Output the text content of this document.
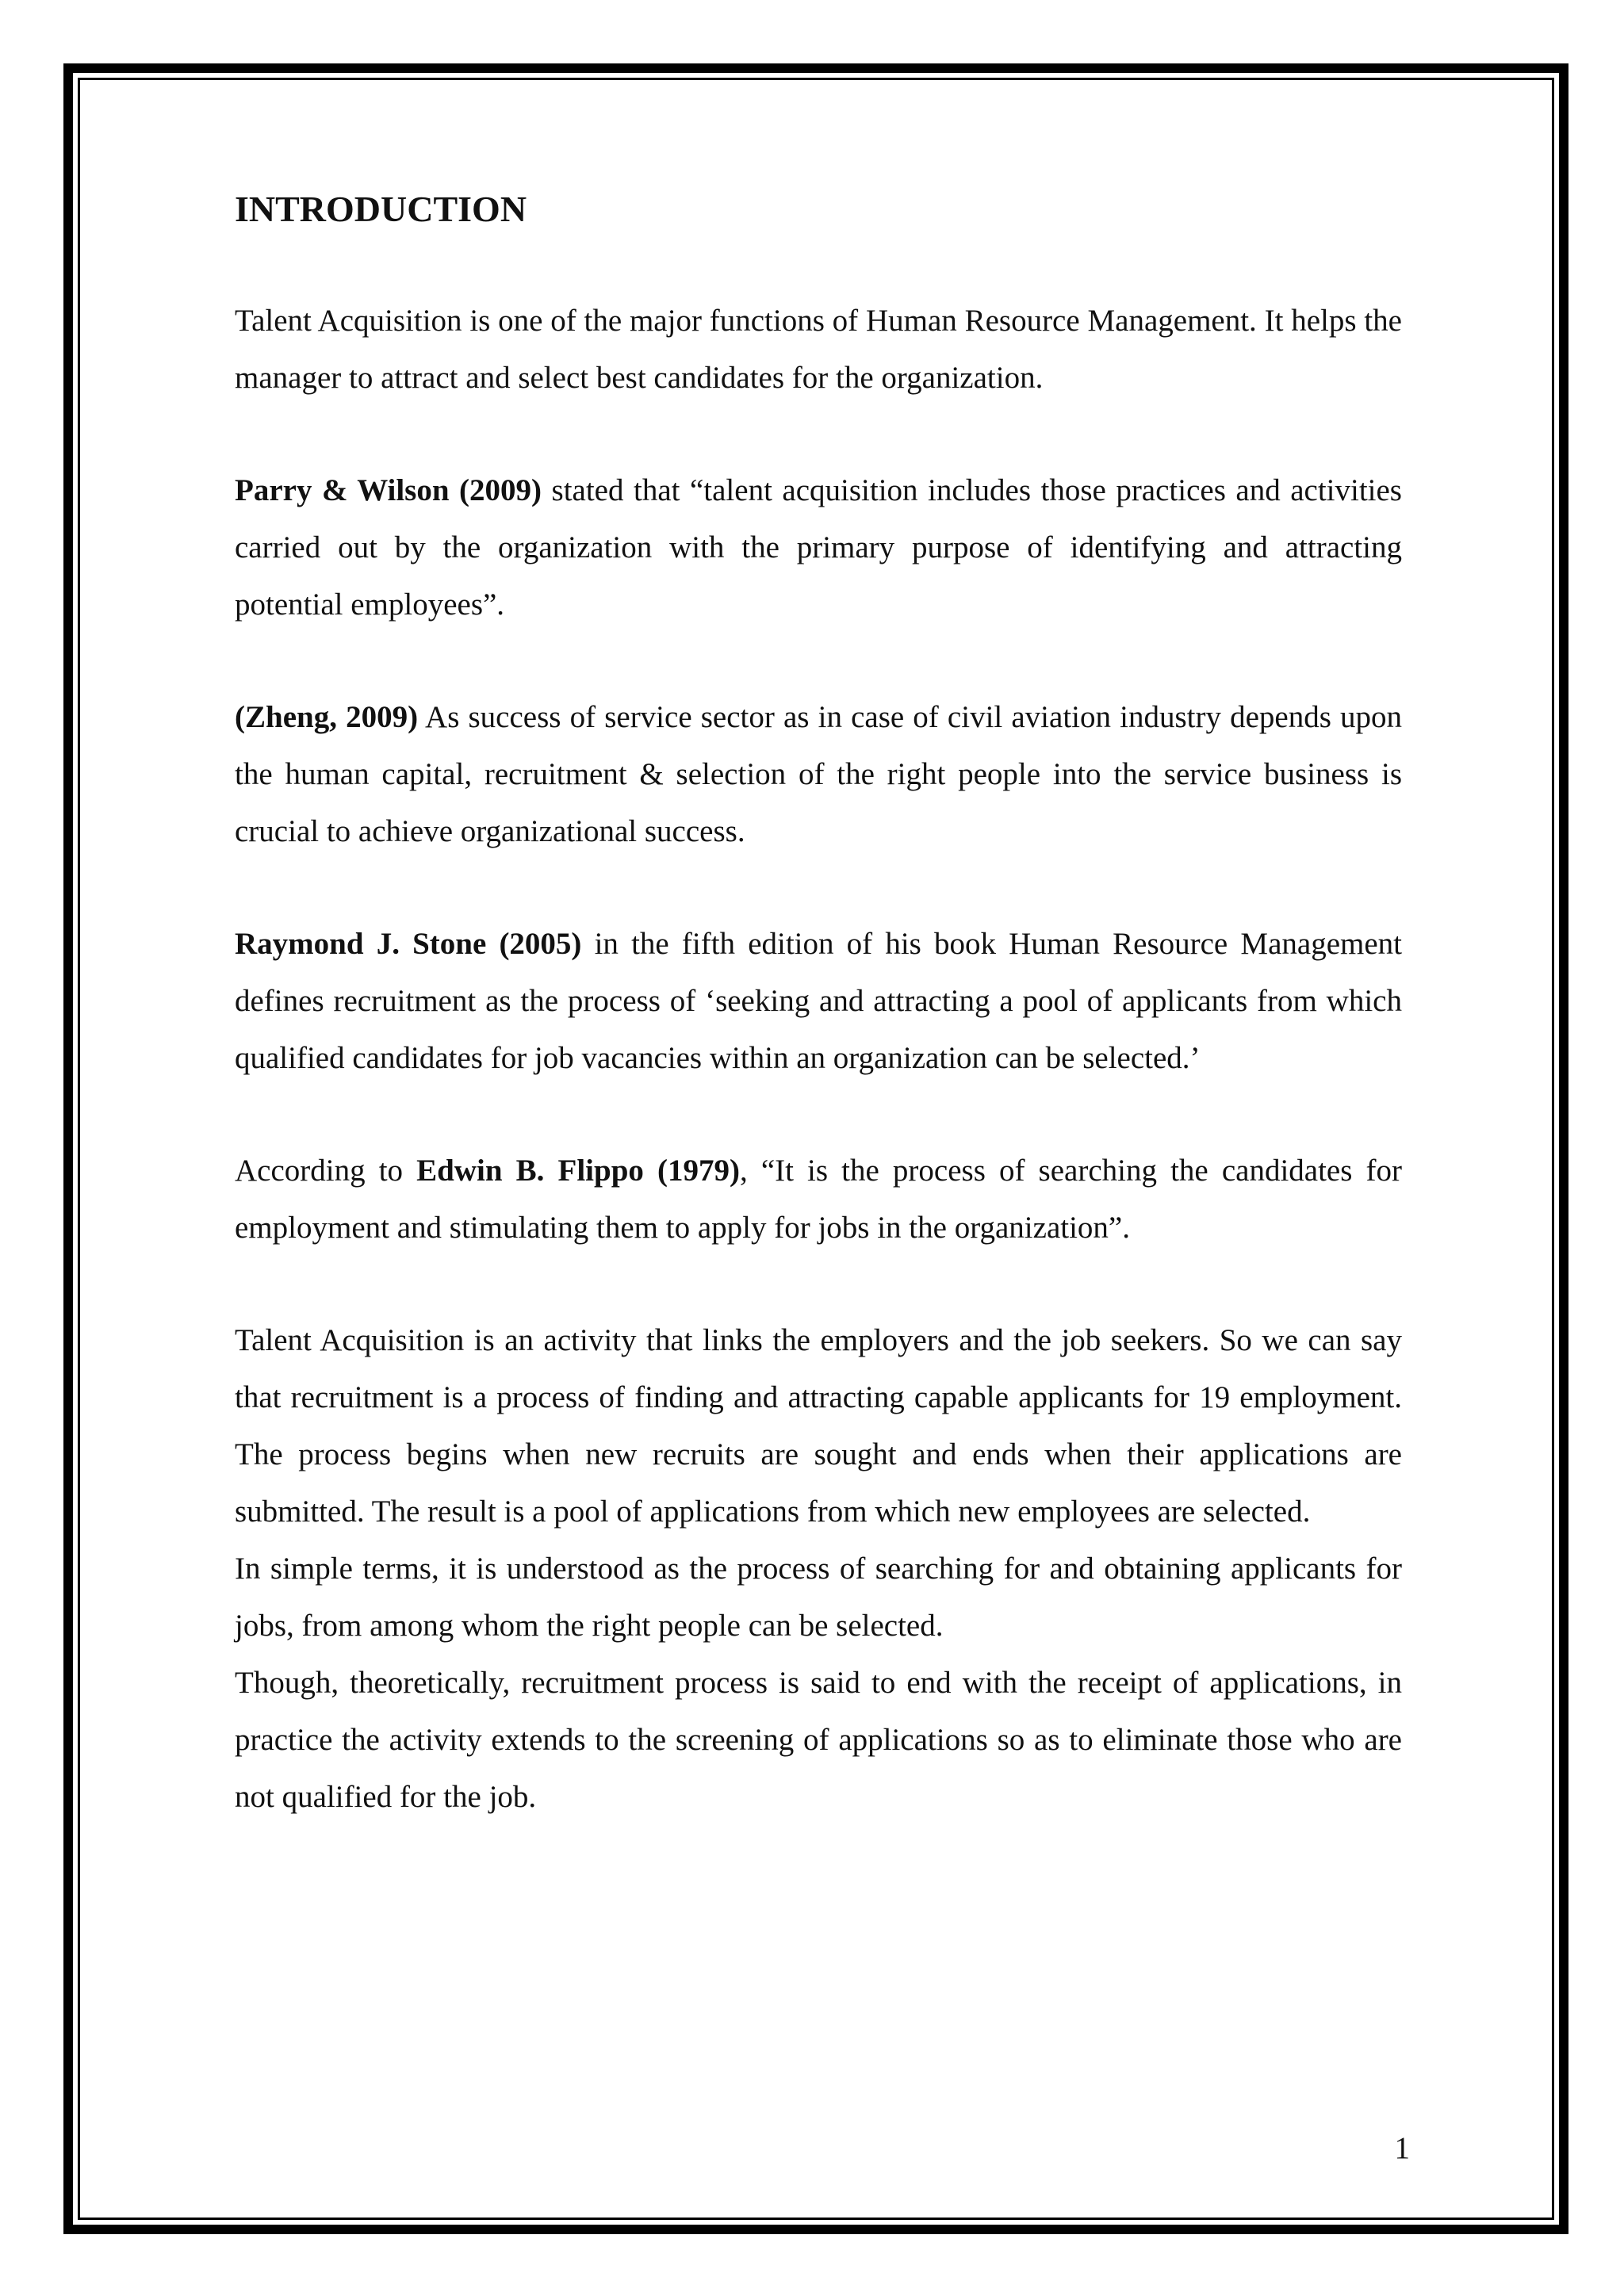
INTRODUCTION

Talent Acquisition is one of the major functions of Human Resource Management. It helps the manager to attract and select best candidates for the organization.

Parry & Wilson (2009) stated that “talent acquisition includes those practices and activities carried out by the organization with the primary purpose of identifying and attracting potential employees”.

(Zheng, 2009) As success of service sector as in case of civil aviation industry depends upon the human capital, recruitment & selection of the right people into the service business is crucial to achieve organizational success.

Raymond J. Stone (2005) in the fifth edition of his book Human Resource Management defines recruitment as the process of ‘seeking and attracting a pool of applicants from which qualified candidates for job vacancies within an organization can be selected.’

According to Edwin B. Flippo (1979), “It is the process of searching the candidates for employment and stimulating them to apply for jobs in the organization”.

Talent Acquisition is an activity that links the employers and the job seekers. So we can say that recruitment is a process of finding and attracting capable applicants for 19 employment. The process begins when new recruits are sought and ends when their applications are submitted. The result is a pool of applications from which new employees are selected.

In simple terms, it is understood as the process of searching for and obtaining applicants for jobs, from among whom the right people can be selected.

Though, theoretically, recruitment process is said to end with the receipt of applications, in practice the activity extends to the screening of applications so as to eliminate those who are not qualified for the job.

1
